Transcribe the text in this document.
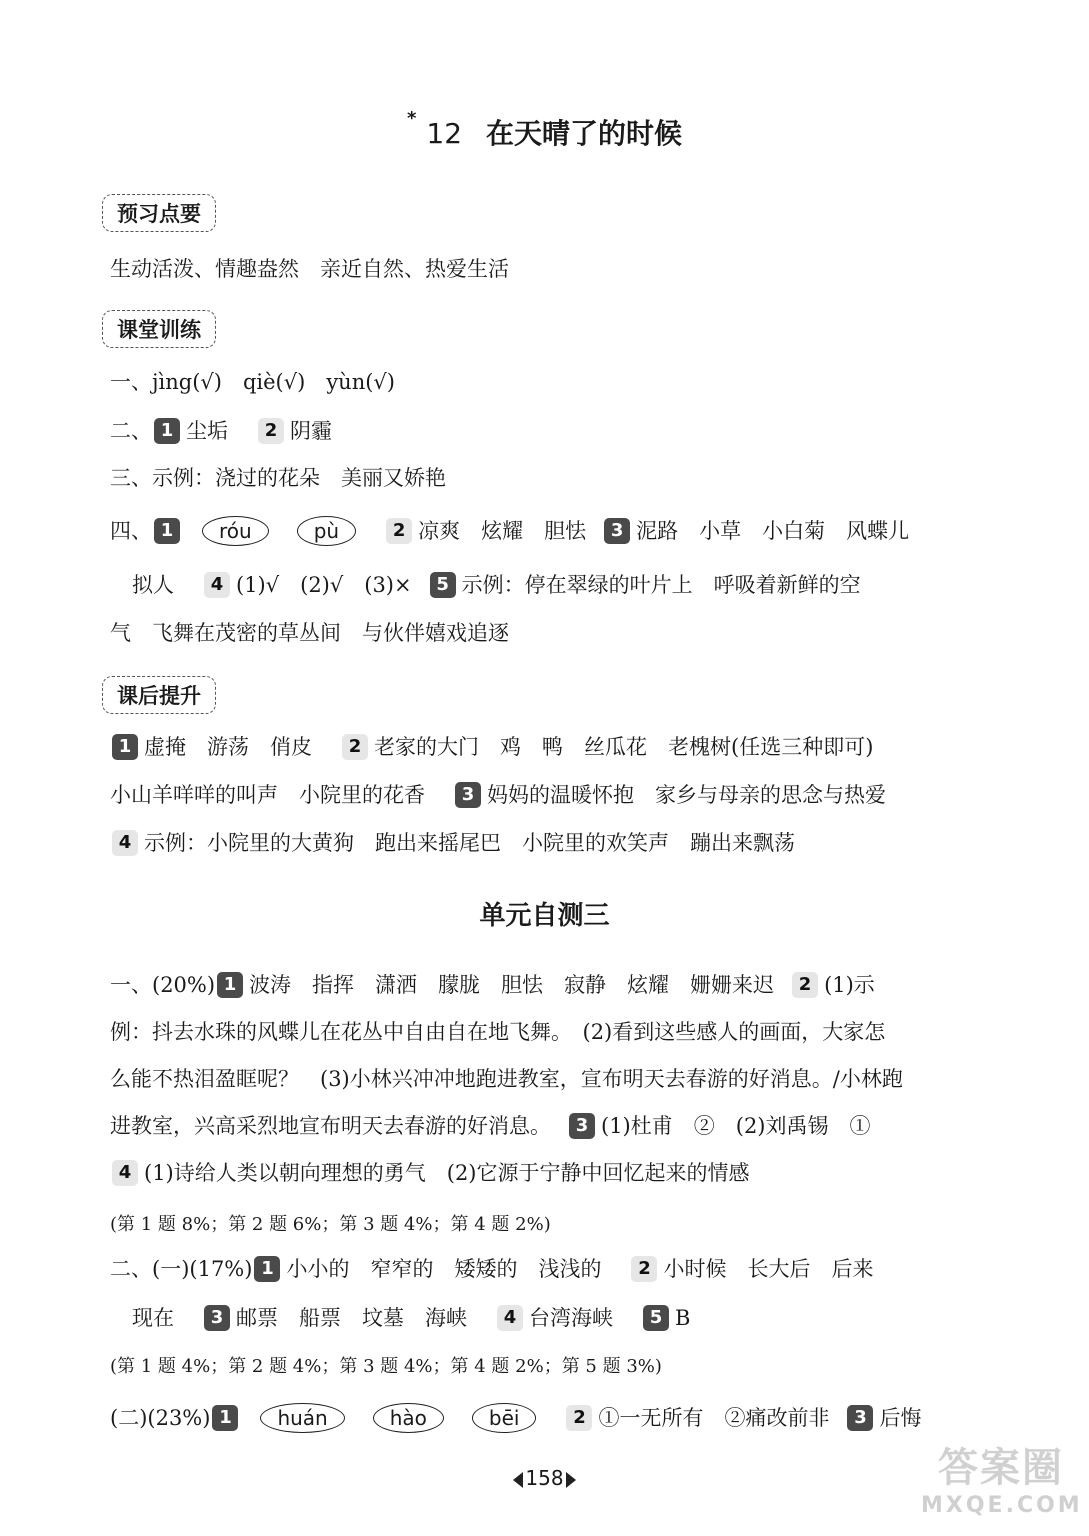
* 12 在天晴了的时候
预习点要
生动活泼、情趣盎然　亲近自然、热爱生活
课堂训练
一、jìng(√)　qiè(√)　yùn(√)
二、 1 尘垢 2 阴霾
三、示例：浇过的花朵　美丽又娇艳
四、 1 róu	pù	2 凉爽　炫耀　胆怯 3 泥路　小草　小白菊　风蝶儿
拟人 4 (1)√　(2)√　(3)× 5 示例：停在翠绿的叶片上　呼吸着新鲜的空
气　飞舞在茂密的草丛间　与伙伴嬉戏追逐
课后提升
1 虚掩　游荡　俏皮 2 老家的大门　鸡　鸭　丝瓜花　老槐树(任选三种即可)
小山羊咩咩的叫声　小院里的花香 3 妈妈的温暖怀抱　家乡与母亲的思念与热爱
4 示例：小院里的大黄狗　跑出来摇尾巴　小院里的欢笑声　蹦出来飘荡
单元自测三
一、(20%) 1 波涛　指挥　潇洒　朦胧　胆怯　寂静　炫耀　姗姗来迟 2 (1)示
例：抖去水珠的风蝶儿在花丛中自由自在地飞舞。　(2)看到这些感人的画面，大家怎
么能不热泪盈眶呢？　(3)小林兴冲冲地跑进教室，宣布明天去春游的好消息。/小林跑
进教室，兴高采烈地宣布明天去春游的好消息。 3 (1)杜甫　②　(2)刘禹锡　①
4 (1)诗给人类以朝向理想的勇气　(2)它源于宁静中回忆起来的情感
(第 1 题 8%；第 2 题 6%；第 3 题 4%；第 4 题 2%)
二、(一)(17%) 1 小小的　窄窄的　矮矮的　浅浅的 2 小时候　长大后　后来
现在 3 邮票　船票　坟墓　海峡 4 台湾海峡 5 B
(第 1 题 4%；第 2 题 4%；第 3 题 4%；第 4 题 2%；第 5 题 3%)
(二)(23%) 1 huán	hào	bēi	2 ①一无所有　②痛改前非 3 后悔
158	答案圈
MXQE.COM
